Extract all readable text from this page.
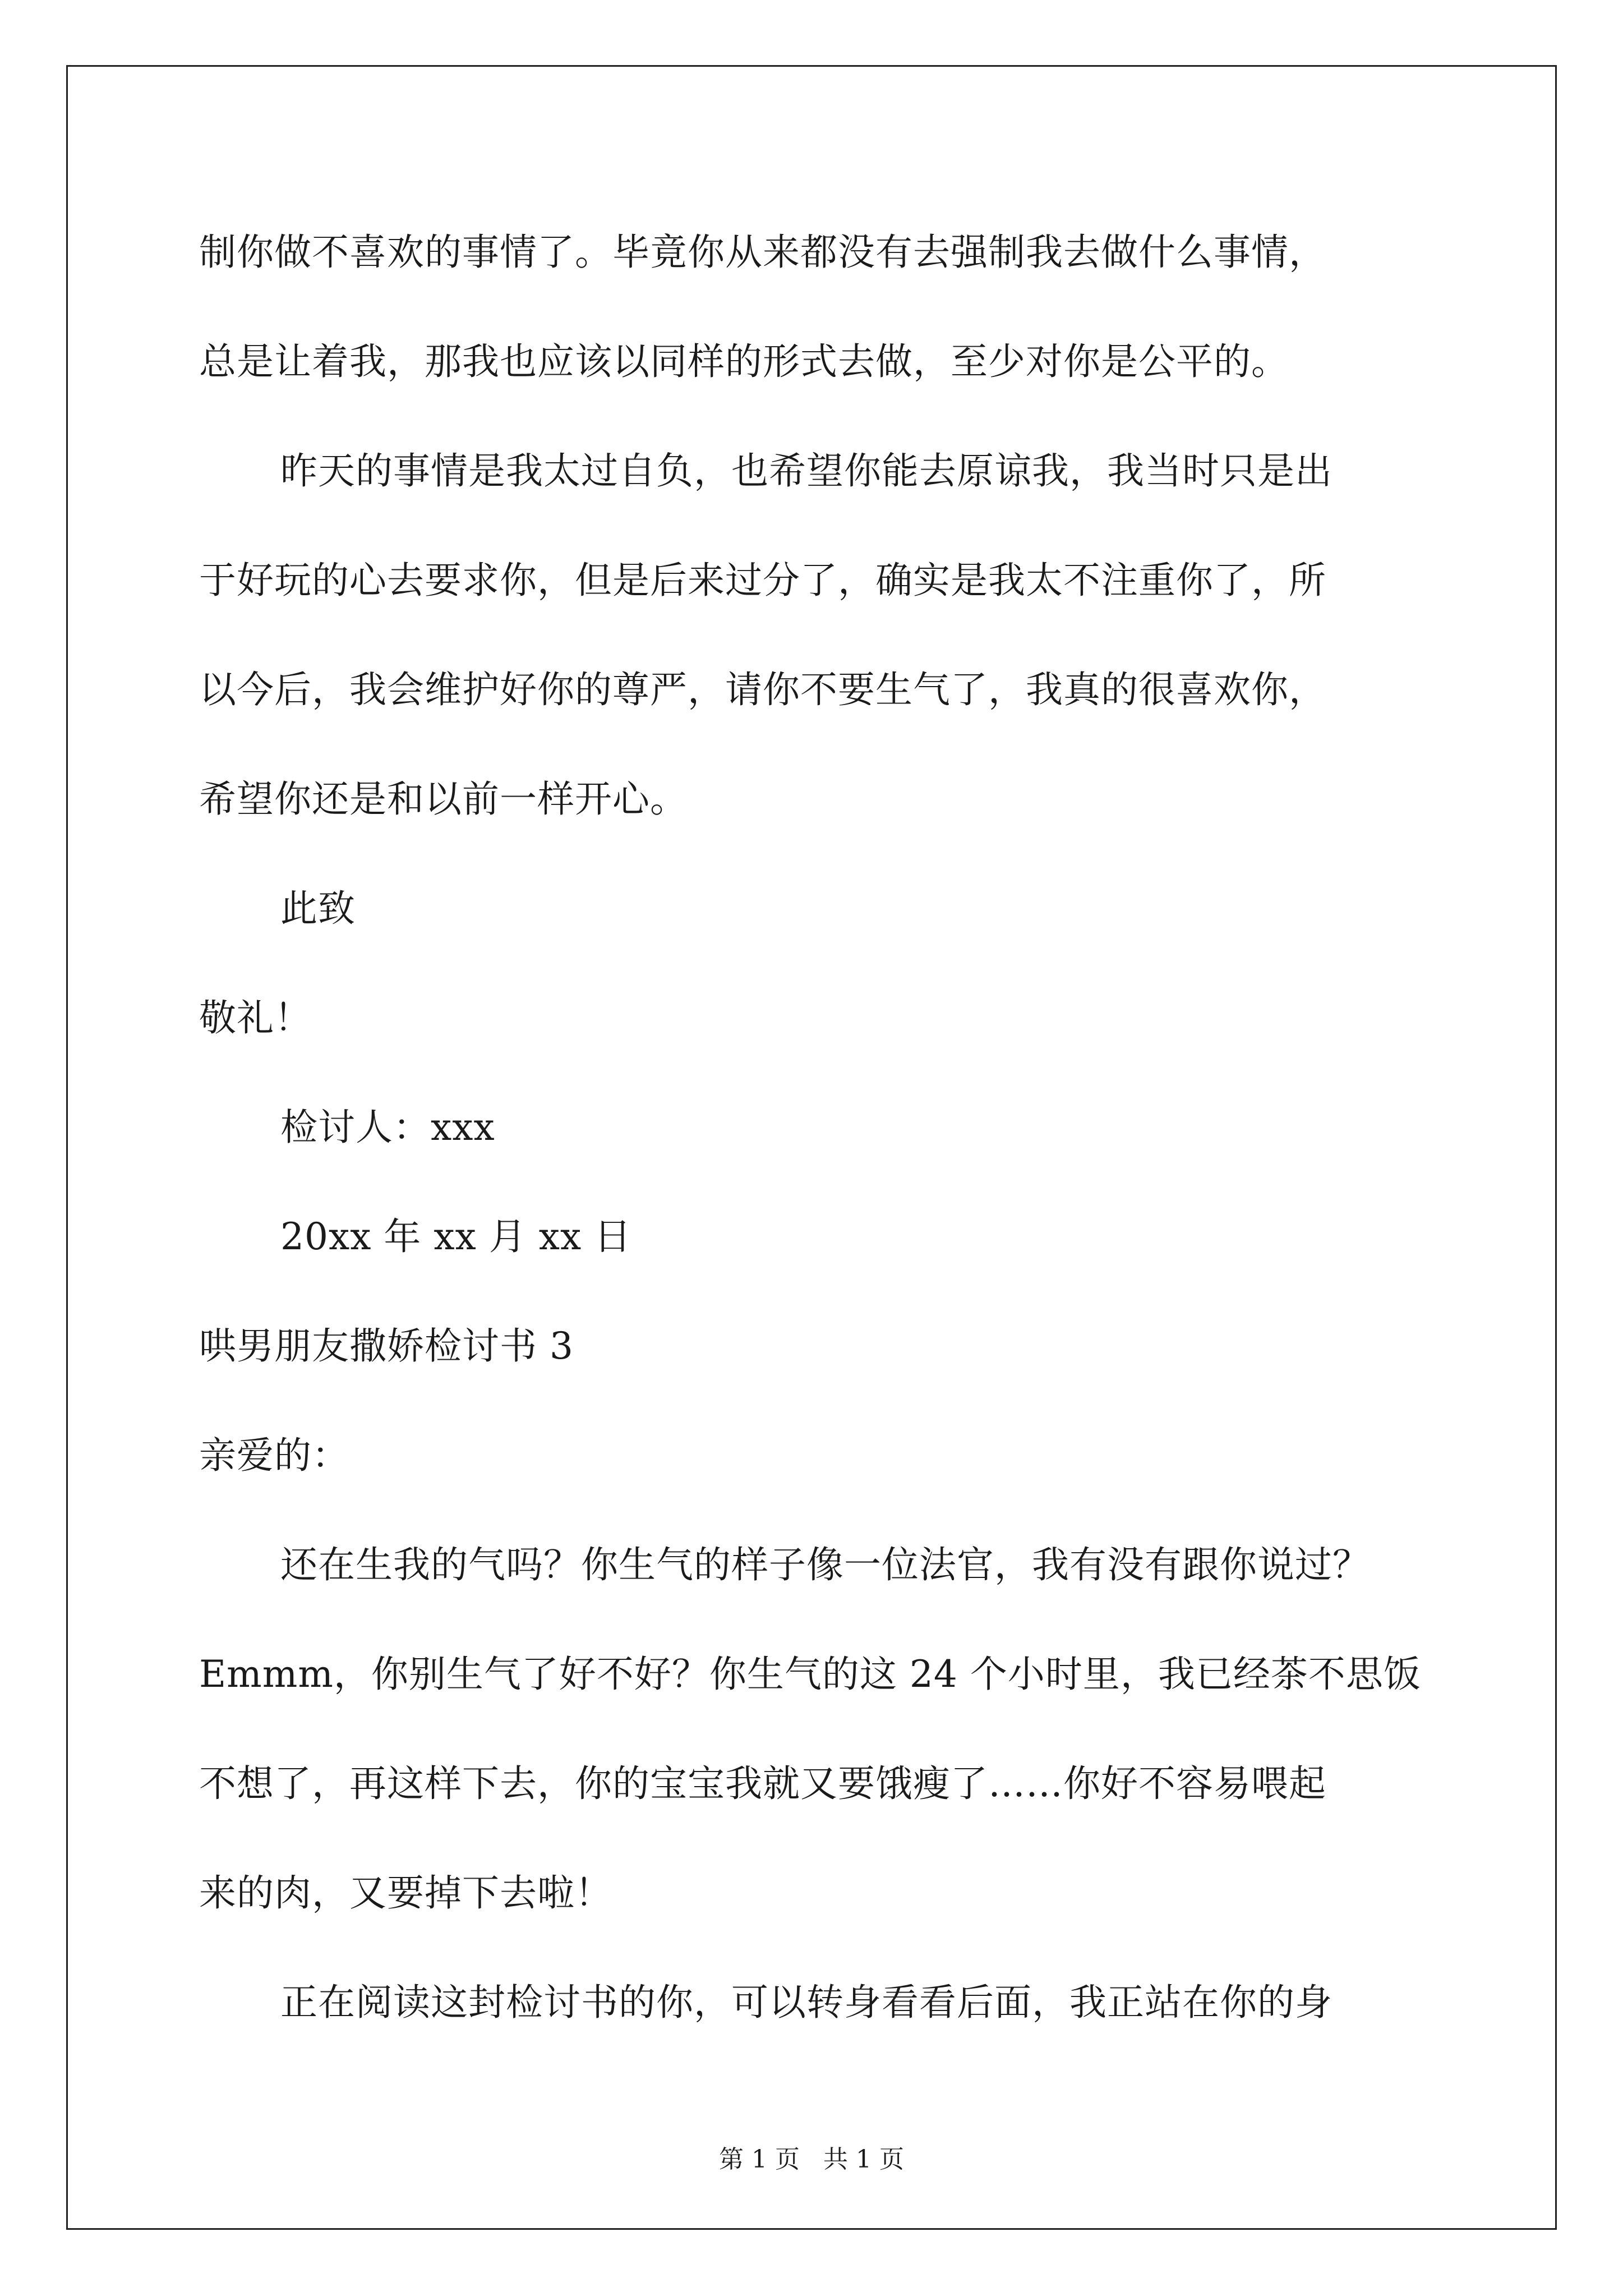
制你做不喜欢的事情了。毕竟你从来都没有去强制我去做什么事情，
总是让着我，那我也应该以同样的形式去做，至少对你是公平的。
昨天的事情是我太过自负，也希望你能去原谅我，我当时只是出
于好玩的心去要求你，但是后来过分了，确实是我太不注重你了，所
以今后，我会维护好你的尊严，请你不要生气了，我真的很喜欢你，
希望你还是和以前一样开心。
此致
敬礼！
检讨人：xxx
20xx 年 xx 月 xx 日
哄男朋友撒娇检讨书 3
亲爱的：
还在生我的气吗？你生气的样子像一位法官，我有没有跟你说过？
Emmm，你别生气了好不好？你生气的这 24 个小时里，我已经茶不思饭
不想了，再这样下去，你的宝宝我就又要饿瘦了……你好不容易喂起
来的肉，又要掉下去啦！
正在阅读这封检讨书的你，可以转身看看后面，我正站在你的身
第 1 页   共 1 页
